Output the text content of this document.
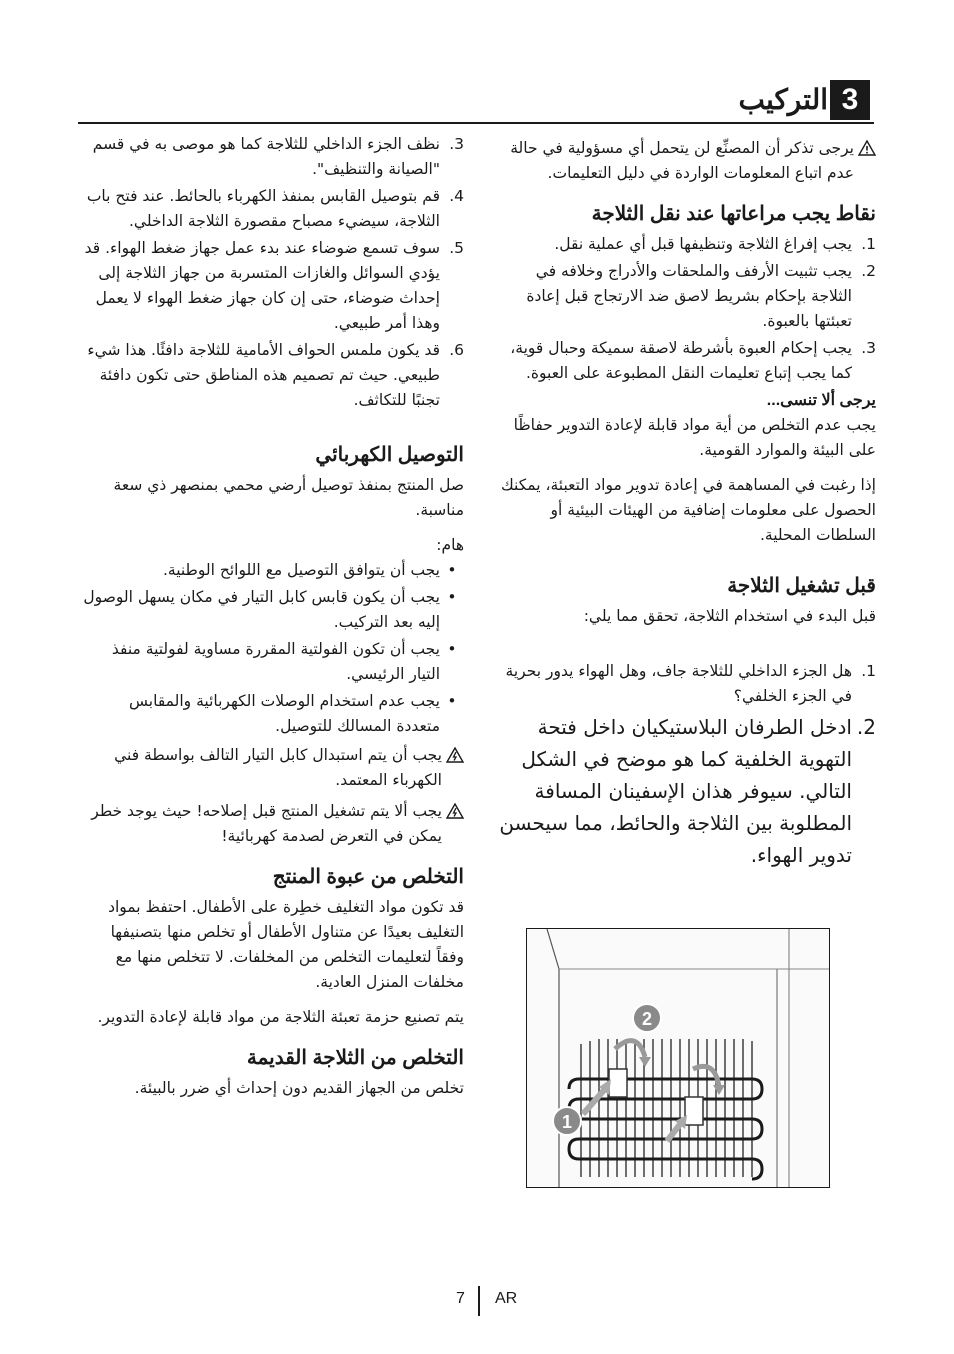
3
التركيب
يرجى تذكر أن المصنِّع لن يتحمل أي مسؤولية في حالة عدم اتباع المعلومات الواردة في دليل التعليمات.
نقاط يجب مراعاتها عند نقل الثلاجة
1.
يجب إفراغ الثلاجة وتنظيفها قبل أي عملية نقل.
2.
يجب تثبيت الأرفف والملحقات والأدراج وخلافه في الثلاجة بإحكام بشريط لاصق ضد الارتجاج قبل إعادة تعبئتها بالعبوة.
3.
يجب إحكام العبوة بأشرطة لاصقة سميكة وحبال قوية، كما يجب إتباع تعليمات النقل المطبوعة على العبوة.
يرجى ألا تنسى...

يجب عدم التخلص من أية مواد قابلة لإعادة التدوير حفاظًا على البيئة والموارد القومية.

إذا رغبت في المساهمة في إعادة تدوير مواد التعبئة، يمكنك الحصول على معلومات إضافية من الهيئات البيئية أو السلطات المحلية.

قبل تشغيل الثلاجة

قبل البدء في استخدام الثلاجة، تحقق مما يلي:

1.
هل الجزء الداخلي للثلاجة جاف، وهل الهواء يدور بحرية في الجزء الخلفي؟
2.
ادخل الطرفان البلاستيكيان داخل فتحة التهوية الخلفية كما هو موضح في الشكل التالي. سيوفر هذان الإسفينان المسافة المطلوبة بين الثلاجة والحائط، مما سيحسن تدوير الهواء.
1
2
3.
نظف الجزء الداخلي للثلاجة كما هو موصى به في قسم "الصيانة والتنظيف".
4.
قم بتوصيل القابس بمنفذ الكهرباء بالحائط. عند فتح باب الثلاجة، سيضيء مصباح مقصورة الثلاجة الداخلي.
5.
سوف تسمع ضوضاء عند بدء عمل جهاز ضغط الهواء. قد يؤدي السوائل والغازات المتسربة من جهاز الثلاجة إلى إحداث ضوضاء، حتى إن كان جهاز ضغط الهواء لا يعمل وهذا أمر طبيعي.
6.
قد يكون ملمس الحواف الأمامية للثلاجة دافئًا. هذا شيء طبيعي. حيث تم تصميم هذه المناطق حتى تكون دافئة تجنبًا للتكاثف.
التوصيل الكهربائي

صل المنتج بمنفذ توصيل أرضي محمي بمنصهر ذي سعة مناسبة.

هام:
•
يجب أن يتوافق التوصيل مع اللوائح الوطنية.
•
يجب أن يكون قابس كابل التيار في مكان يسهل الوصول إليه بعد التركيب.
•
يجب أن تكون الفولتية المقررة مساوية لفولتية منفذ التيار الرئيسي.
•
يجب عدم استخدام الوصلات الكهربائية والمقابس متعددة المسالك للتوصيل.
يجب أن يتم استبدال كابل التيار التالف بواسطة فني الكهرباء المعتمد.
يجب ألا يتم تشغيل المنتج قبل إصلاحه! حيث يوجد خطر يمكن في التعرض لصدمة كهربائية!
التخلص من عبوة المنتج

قد تكون مواد التغليف خطِرة على الأطفال. احتفظ بمواد التغليف بعيدًا عن متناول الأطفال أو تخلص منها بتصنيفها وفقاً لتعليمات التخلص من المخلفات. لا تتخلص منها مع مخلفات المنزل العادية.

يتم تصنيع حزمة تعبئة الثلاجة من مواد قابلة لإعادة التدوير.

التخلص من الثلاجة القديمة

تخلص من الجهاز القديم دون إحداث أي ضرر بالبيئة.

7 AR
